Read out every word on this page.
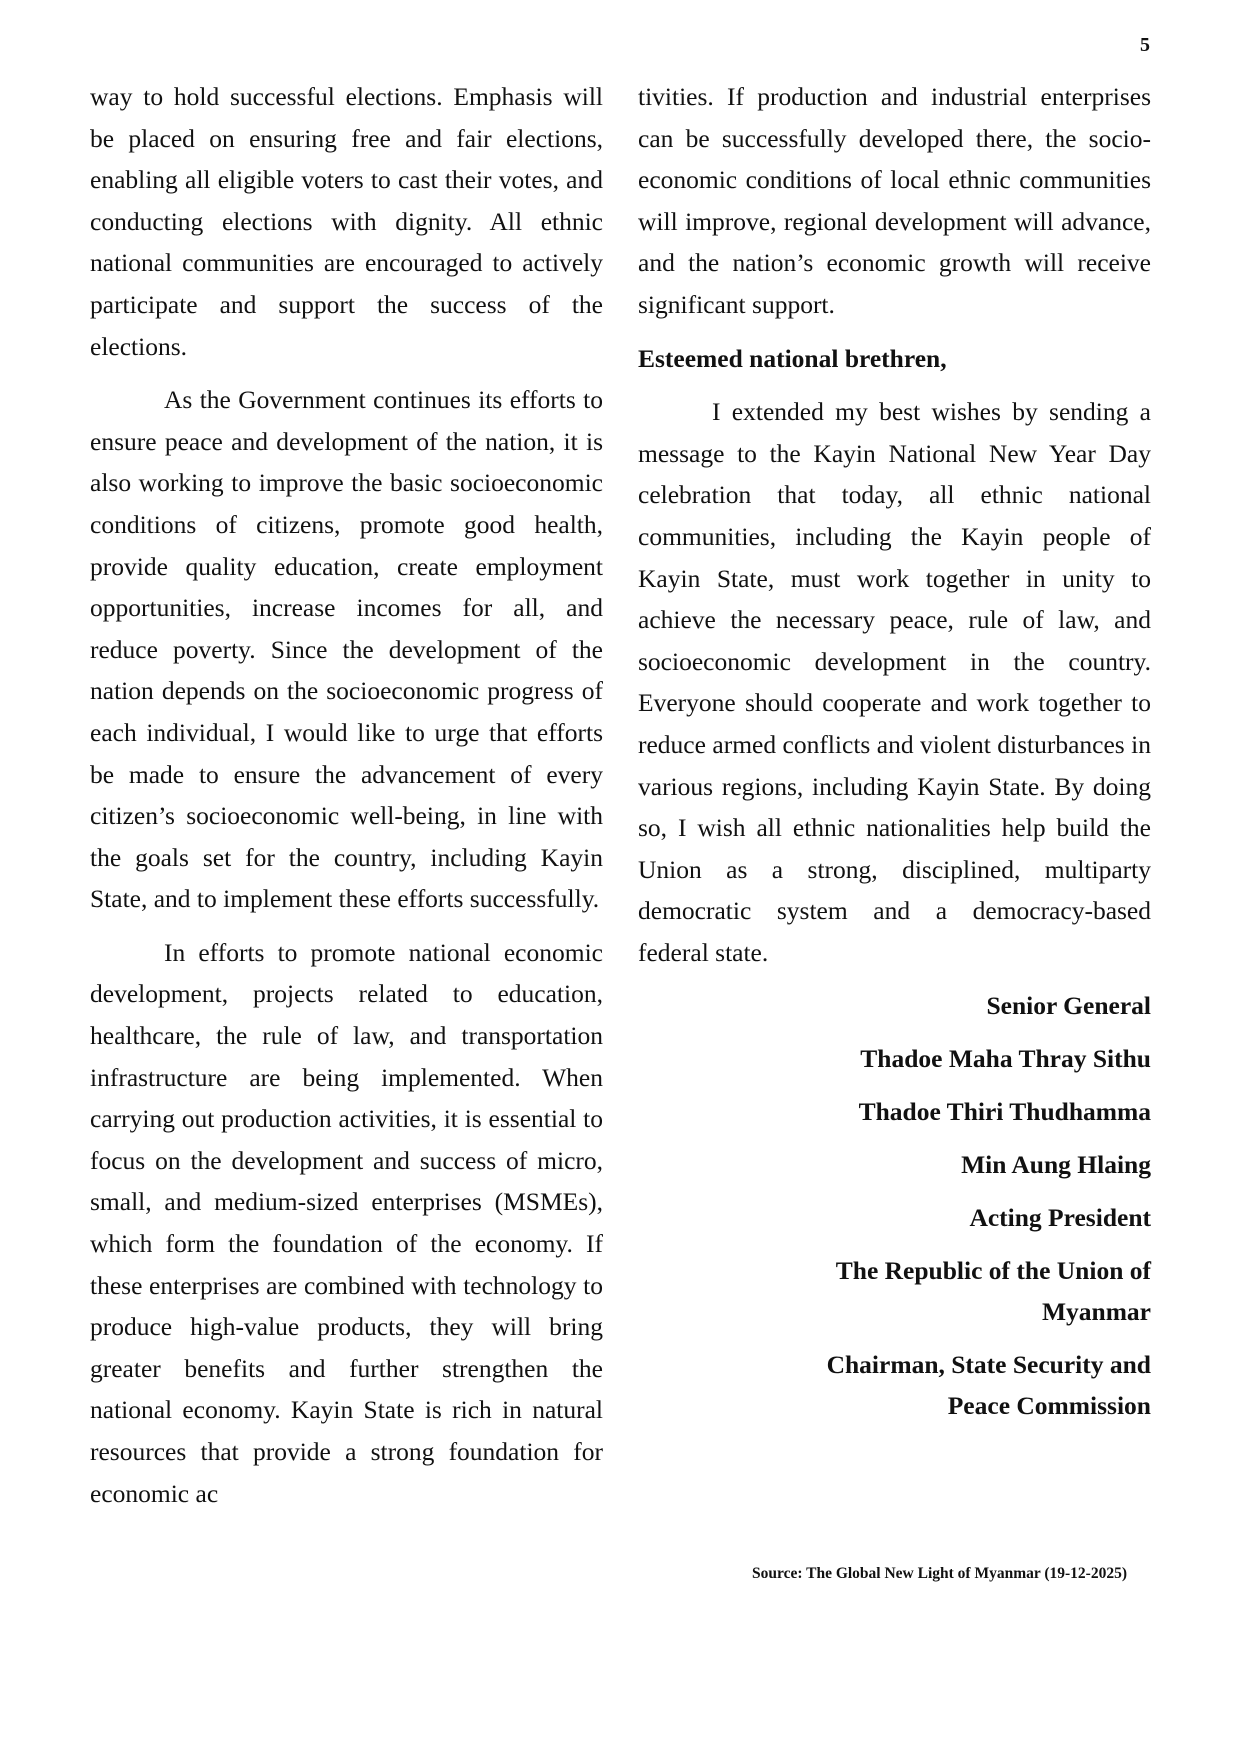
5

way to hold successful elections. Emphasis will be placed on ensuring free and fair elections, enabling all eligible voters to cast their votes, and conducting elections with dignity. All ethnic national communities are encouraged to actively participate and support the success of the elections.

As the Government continues its efforts to ensure peace and development of the nation, it is also working to improve the basic socioeconomic conditions of citizens, promote good health, provide quality education, create employment opportunities, increase incomes for all, and reduce poverty. Since the development of the nation depends on the socioeconomic progress of each individual, I would like to urge that efforts be made to ensure the advancement of every citizen’s socioeconomic well-being, in line with the goals set for the country, including Kayin State, and to implement these efforts successfully.

In efforts to promote national economic development, projects related to education, healthcare, the rule of law, and transportation infrastructure are being implemented. When carrying out production activities, it is essential to focus on the development and success of micro, small, and medium-sized enterprises (MSMEs), which form the foundation of the economy. If these enterprises are combined with technology to produce high-value products, they will bring greater benefits and further strengthen the national economy. Kayin State is rich in natural resources that provide a strong foundation for economic ac

tivities. If production and industrial enterprises can be successfully developed there, the socio-economic conditions of local ethnic communities will improve, regional development will advance, and the nation’s economic growth will receive significant support.

Esteemed national brethren,

I extended my best wishes by sending a message to the Kayin National New Year Day celebration that today, all ethnic national communities, including the Kayin people of Kayin State, must work together in unity to achieve the necessary peace, rule of law, and socioeconomic development in the country. Everyone should cooperate and work together to reduce armed conflicts and violent disturbances in various regions, including Kayin State. By doing so, I wish all ethnic nationalities help build the Union as a strong, disciplined, multiparty democratic system and a democracy-based federal state.

Senior General
Thadoe Maha Thray Sithu
Thadoe Thiri Thudhamma
Min Aung Hlaing
Acting President
The Republic of the Union of Myanmar
Chairman, State Security and Peace Commission
Source: The Global New Light of Myanmar (19-12-2025)
